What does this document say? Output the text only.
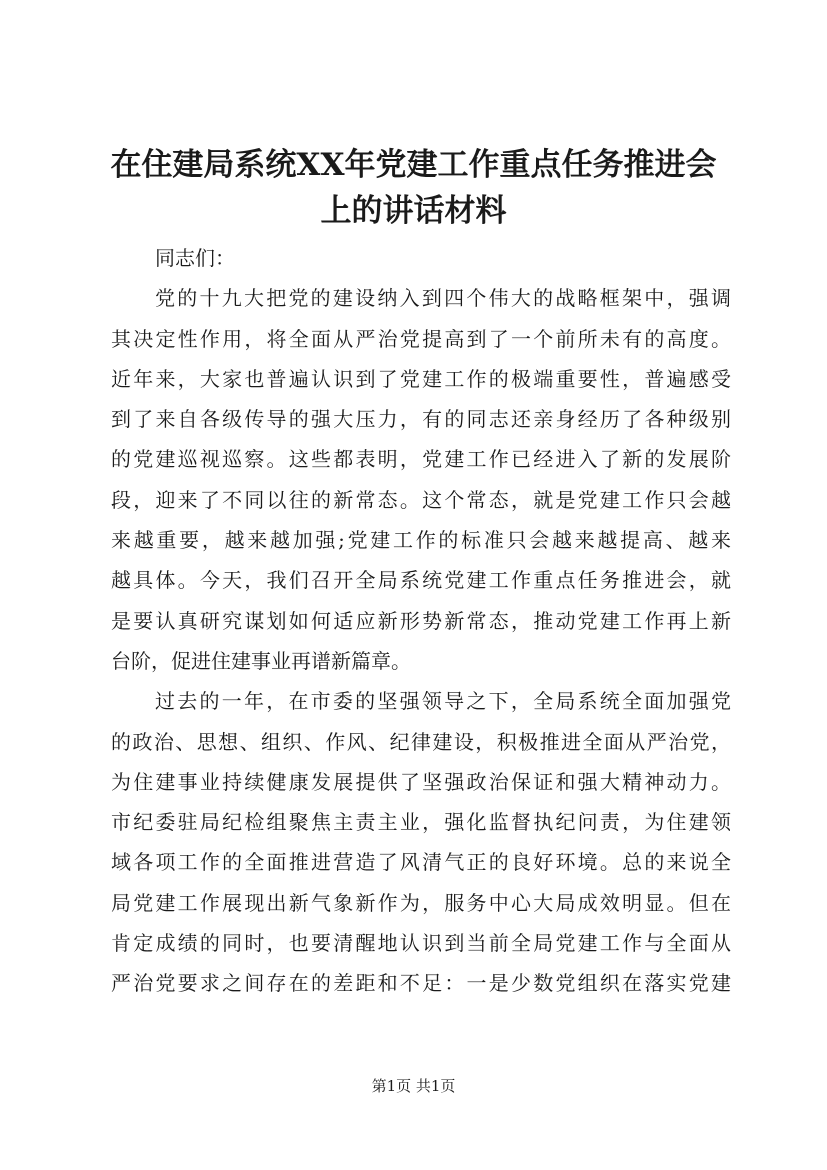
在住建局系统XX年党建工作重点任务推进会
上的讲话材料
同志们：
党的十九大把党的建设纳入到四个伟大的战略框架中，强调
其决定性作用，将全面从严治党提高到了一个前所未有的高度。
近年来，大家也普遍认识到了党建工作的极端重要性，普遍感受
到了来自各级传导的强大压力，有的同志还亲身经历了各种级别
的党建巡视巡察。这些都表明，党建工作已经进入了新的发展阶
段，迎来了不同以往的新常态。这个常态，就是党建工作只会越
来越重要，越来越加强;党建工作的标准只会越来越提高、越来
越具体。今天，我们召开全局系统党建工作重点任务推进会，就
是要认真研究谋划如何适应新形势新常态，推动党建工作再上新
台阶，促进住建事业再谱新篇章。
过去的一年，在市委的坚强领导之下，全局系统全面加强党
的政治、思想、组织、作风、纪律建设，积极推进全面从严治党，
为住建事业持续健康发展提供了坚强政治保证和强大精神动力。
市纪委驻局纪检组聚焦主责主业，强化监督执纪问责，为住建领
域各项工作的全面推进营造了风清气正的良好环境。总的来说全
局党建工作展现出新气象新作为，服务中心大局成效明显。但在
肯定成绩的同时，也要清醒地认识到当前全局党建工作与全面从
严治党要求之间存在的差距和不足：一是少数党组织在落实党建
第1页 共1页
